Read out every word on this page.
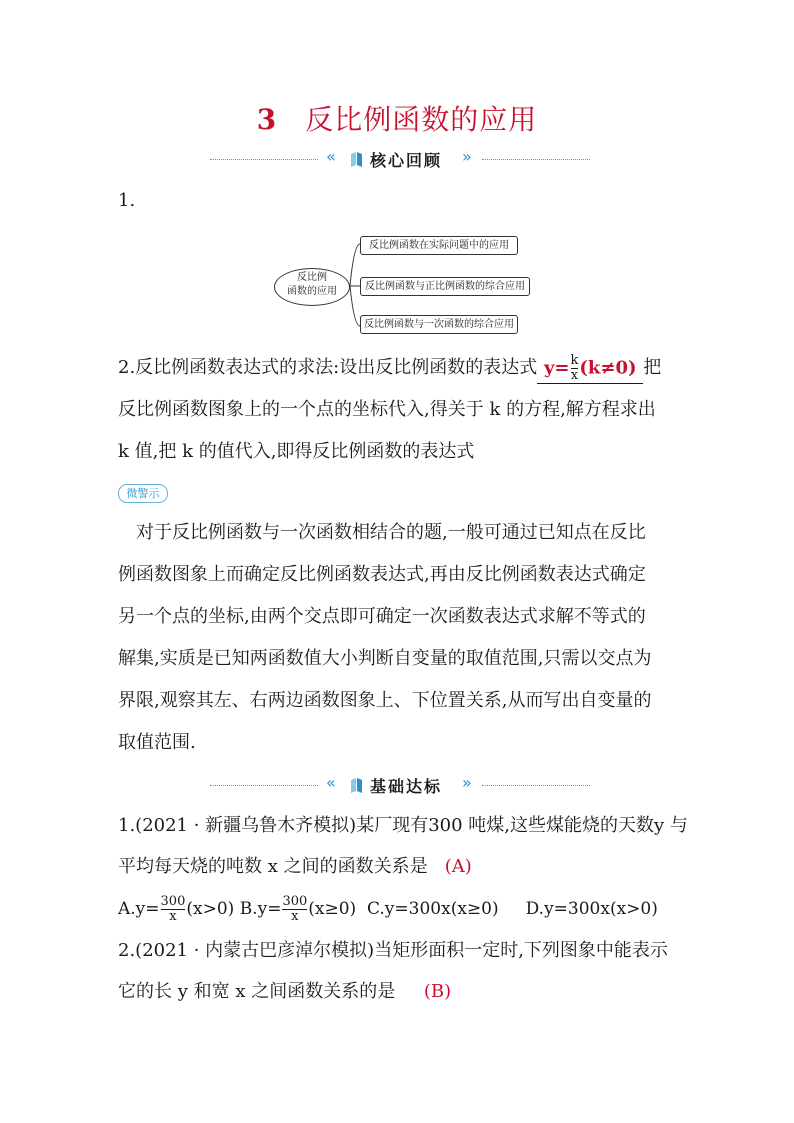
3 反比例函数的应用
« 核心回顾 »
1.
反比例
函数的应用
反比例函数在实际问题中的应用
反比例函数与正比例函数的综合应用
反比例函数与一次函数的综合应用
2.反比例函数表达式的求法:设出反比例函数的表达式 $y= \frac{k}{x} (k\ne 0)$ 把
反比例函数图象上的一个点的坐标代入,得关于 k 的方程,解方程求出
k 值,把 k 的值代入,即得反比例函数的表达式
微警示
对于反比例函数与一次函数相结合的题,一般可通过已知点在反比
例函数图象上而确定反比例函数表达式,再由反比例函数表达式确定
另一个点的坐标,由两个交点即可确定一次函数表达式求解不等式的
解集,实质是已知两函数值大小判断自变量的取值范围,只需以交点为
界限,观察其左、右两边函数图象上、下位置关系,从而写出自变量的
取值范围.
« 基础达标 »
1.(2021 · 新疆乌鲁木齐模拟)某厂现有300 吨煤,这些煤能烧的天数y 与
平均每天烧的吨数 x 之间的函数关系是 (A)
$A.y= \frac{300}{x} (x>0)$ $B.y= \frac{300}{x} (x\ge 0)$ C.y=300x(x≥0) D.y=300x(x>0)
2.(2021 · 内蒙古巴彦淖尔模拟)当矩形面积一定时,下列图象中能表示
它的长 y 和宽 x 之间函数关系的是 (B)
